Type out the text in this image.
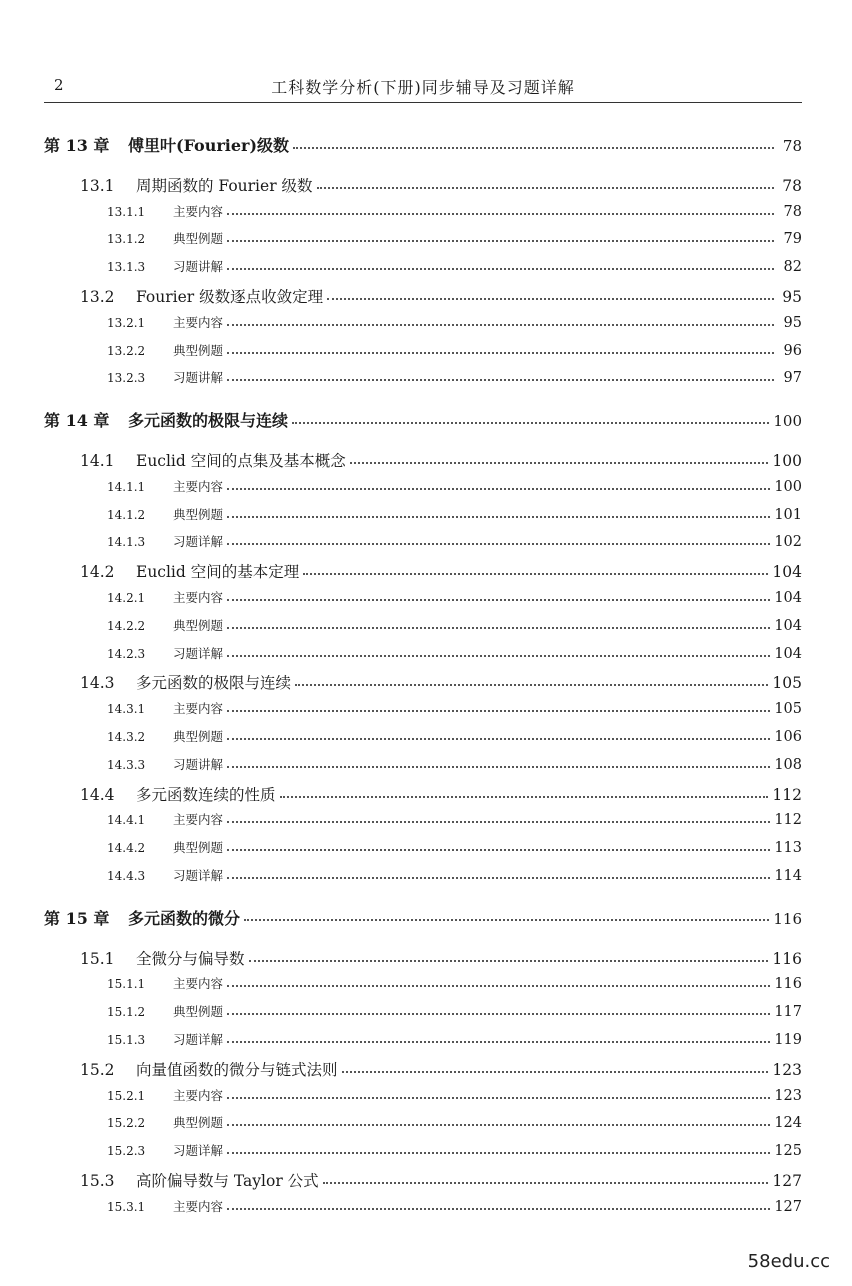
2	工科数学分析(下册)同步辅导及习题详解
第 13 章	傅里叶(Fourier)级数	78
13.1	周期函数的 Fourier 级数	78
13.1.1	主要内容	78
13.1.2	典型例题	79
13.1.3	习题讲解	82
13.2	Fourier 级数逐点收敛定理	95
13.2.1	主要内容	95
13.2.2	典型例题	96
13.2.3	习题讲解	97
第 14 章	多元函数的极限与连续	100
14.1	Euclid 空间的点集及基本概念	100
14.1.1	主要内容	100
14.1.2	典型例题	101
14.1.3	习题详解	102
14.2	Euclid 空间的基本定理	104
14.2.1	主要内容	104
14.2.2	典型例题	104
14.2.3	习题详解	104
14.3	多元函数的极限与连续	105
14.3.1	主要内容	105
14.3.2	典型例题	106
14.3.3	习题讲解	108
14.4	多元函数连续的性质	112
14.4.1	主要内容	112
14.4.2	典型例题	113
14.4.3	习题详解	114
第 15 章	多元函数的微分	116
15.1	全微分与偏导数	116
15.1.1	主要内容	116
15.1.2	典型例题	117
15.1.3	习题详解	119
15.2	向量值函数的微分与链式法则	123
15.2.1	主要内容	123
15.2.2	典型例题	124
15.2.3	习题详解	125
15.3	高阶偏导数与 Taylor 公式	127
15.3.1	主要内容	127
58edu.cc
